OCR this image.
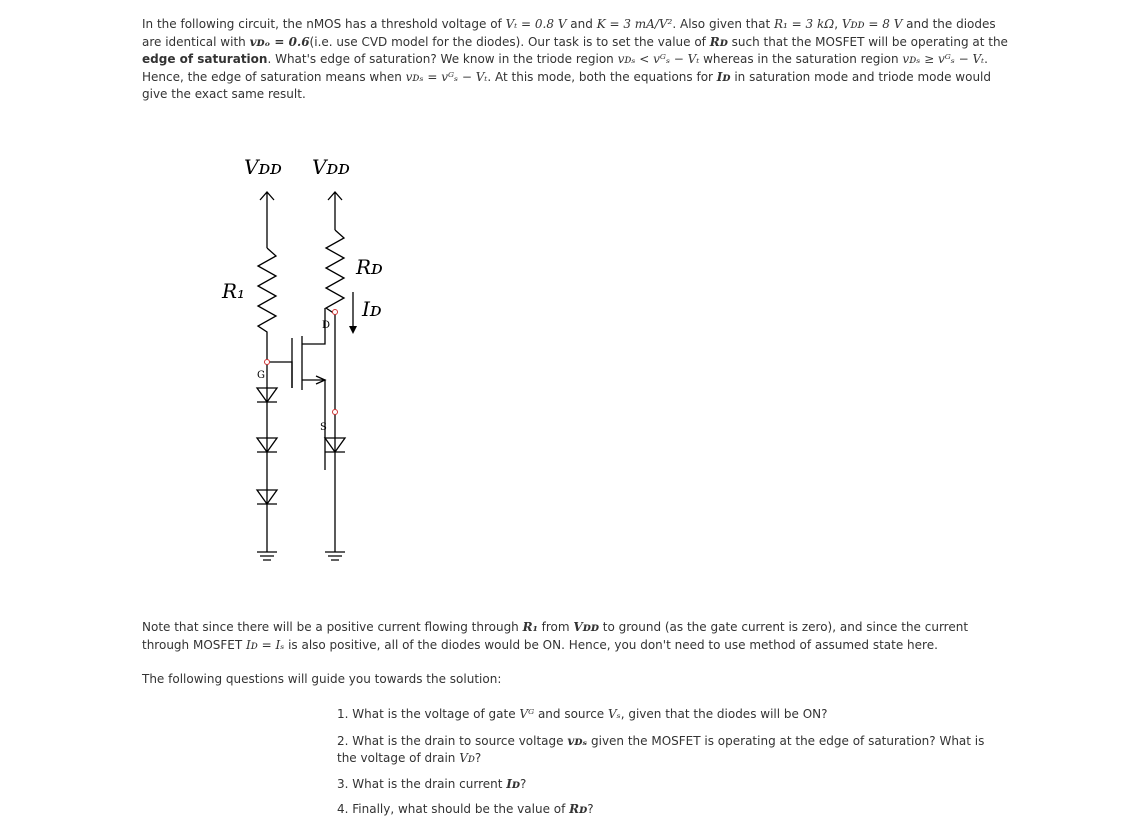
In the following circuit, the nMOS has a threshold voltage of Vₜ = 0.8 V and K = 3 mA/V². Also given that R₁ = 3 kΩ, Vᴅᴅ = 8 V and the diodes are identical with vᴅₒ = 0.6(i.e. use CVD model for the diodes). Our task is to set the value of Rᴅ such that the MOSFET will be operating at the edge of saturation. What's edge of saturation? We know in the triode region vᴅₛ < vᴳₛ − Vₜ whereas in the saturation region vᴅₛ ≥ vᴳₛ − Vₜ. Hence, the edge of saturation means when vᴅₛ = vᴳₛ − Vₜ. At this mode, both the equations for Iᴅ in saturation mode and triode mode would give the exact same result.
Vᴅᴅ Vᴅᴅ
R₁
Rᴅ
Iᴅ
D
G
S
Note that since there will be a positive current flowing through R₁ from Vᴅᴅ to ground (as the gate current is zero), and since the current through MOSFET Iᴅ = Iₛ is also positive, all of the diodes would be ON. Hence, you don't need to use method of assumed state here.
The following questions will guide you towards the solution:
1. What is the voltage of gate Vᴳ and source Vₛ, given that the diodes will be ON?
2. What is the drain to source voltage vᴅₛ given the MOSFET is operating at the edge of saturation? What is the voltage of drain Vᴅ?
3. What is the drain current Iᴅ?
4. Finally, what should be the value of Rᴅ?
